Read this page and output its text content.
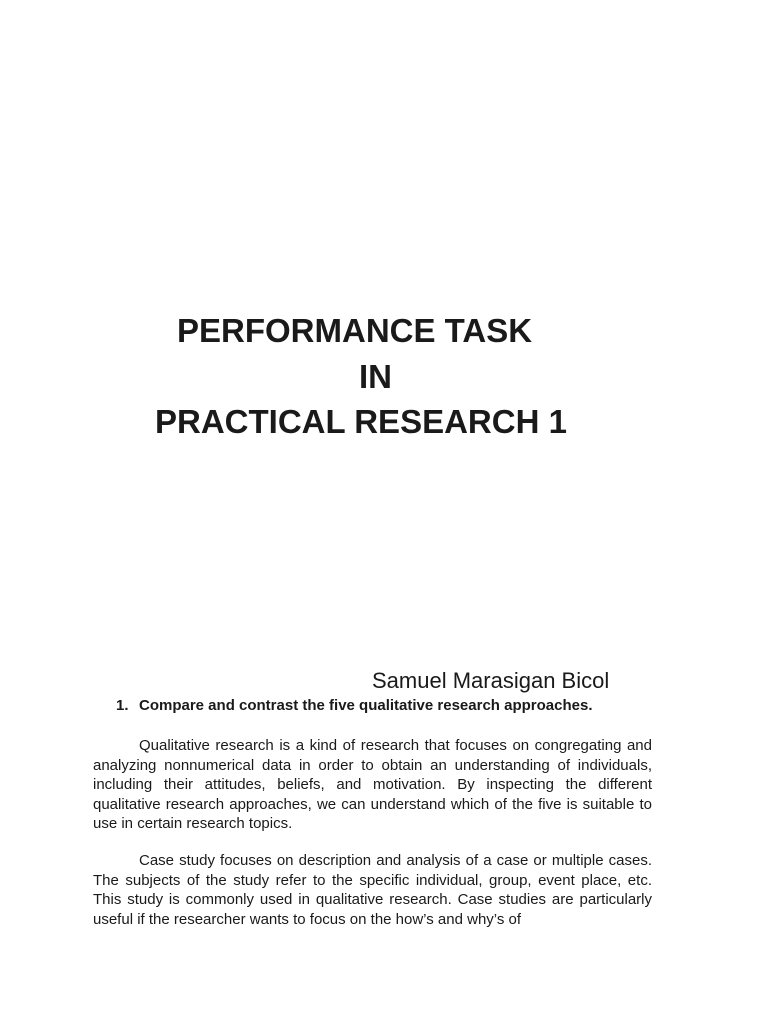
PERFORMANCE TASK
IN
PRACTICAL RESEARCH 1
Samuel Marasigan Bicol
1. Compare and contrast the five qualitative research approaches.

Qualitative research is a kind of research that focuses on congregating and analyzing nonnumerical data in order to obtain an understanding of individuals, including their attitudes, beliefs, and motivation. By inspecting the different qualitative research approaches, we can understand which of the five is suitable to use in certain research topics.

Case study focuses on description and analysis of a case or multiple cases. The subjects of the study refer to the specific individual, group, event place, etc. This study is commonly used in qualitative research. Case studies are particularly useful if the researcher wants to focus on the how’s and why’s of
